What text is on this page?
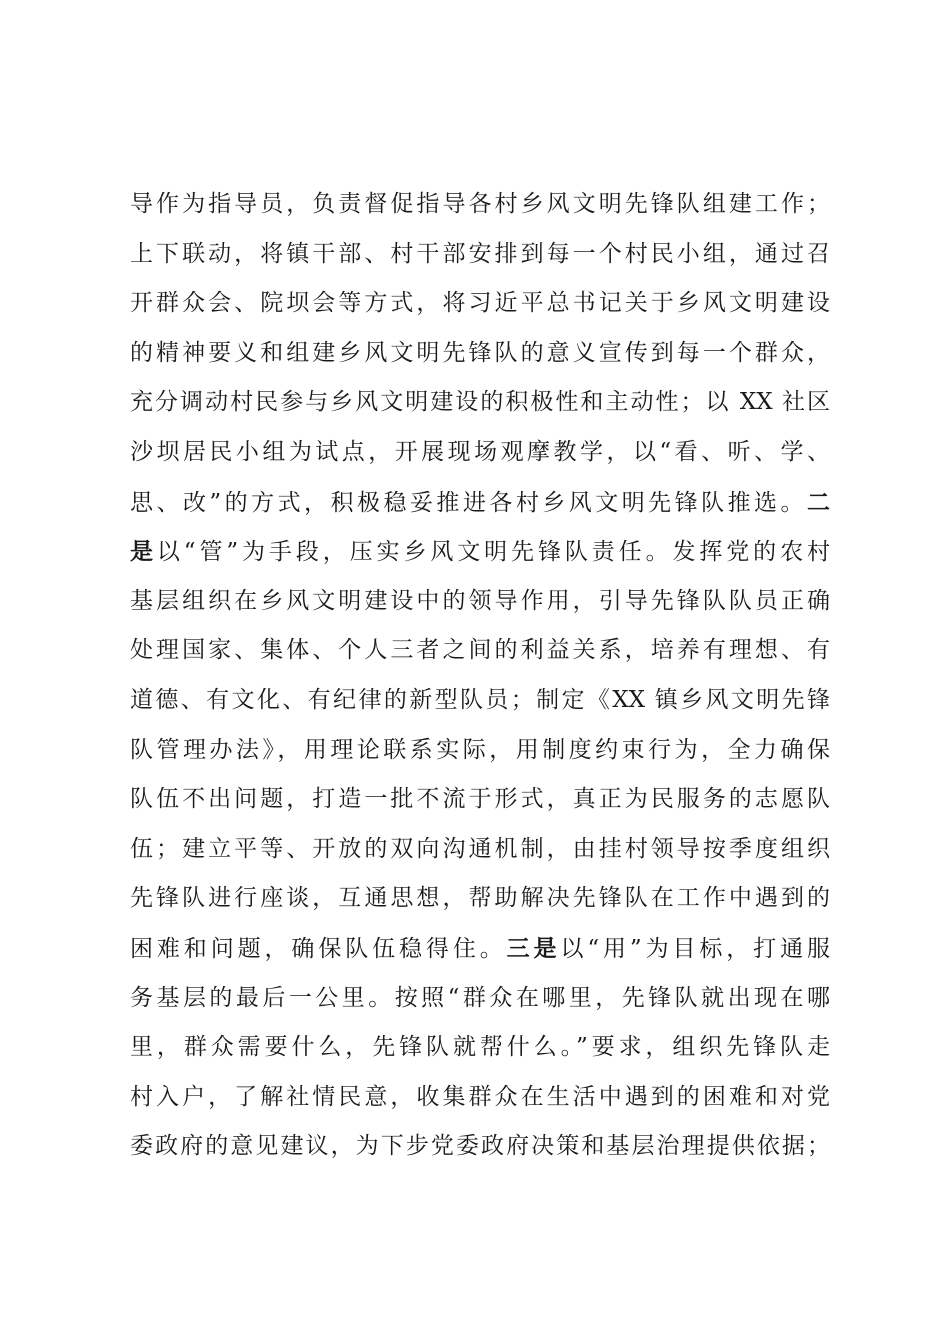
导作为指导员，负责督促指导各村乡风文明先锋队组建工作；
上下联动，将镇干部、村干部安排到每一个村民小组，通过召
开群众会、院坝会等方式，将习近平总书记关于乡风文明建设
的精神要义和组建乡风文明先锋队的意义宣传到每一个群众，
充分调动村民参与乡风文明建设的积极性和主动性；以 XX 社区
沙坝居民小组为试点，开展现场观摩教学，以“看、听、学、
思、改”的方式，积极稳妥推进各村乡风文明先锋队推选。二
是以“管”为手段，压实乡风文明先锋队责任。发挥党的农村
基层组织在乡风文明建设中的领导作用，引导先锋队队员正确
处理国家、集体、个人三者之间的利益关系，培养有理想、有
道德、有文化、有纪律的新型队员；制定《XX 镇乡风文明先锋
队管理办法》，用理论联系实际，用制度约束行为，全力确保
队伍不出问题，打造一批不流于形式，真正为民服务的志愿队
伍；建立平等、开放的双向沟通机制，由挂村领导按季度组织
先锋队进行座谈，互通思想，帮助解决先锋队在工作中遇到的
困难和问题，确保队伍稳得住。三是以“用”为目标，打通服
务基层的最后一公里。按照“群众在哪里，先锋队就出现在哪
里，群众需要什么，先锋队就帮什么。”要求，组织先锋队走
村入户，了解社情民意，收集群众在生活中遇到的困难和对党
委政府的意见建议，为下步党委政府决策和基层治理提供依据；
